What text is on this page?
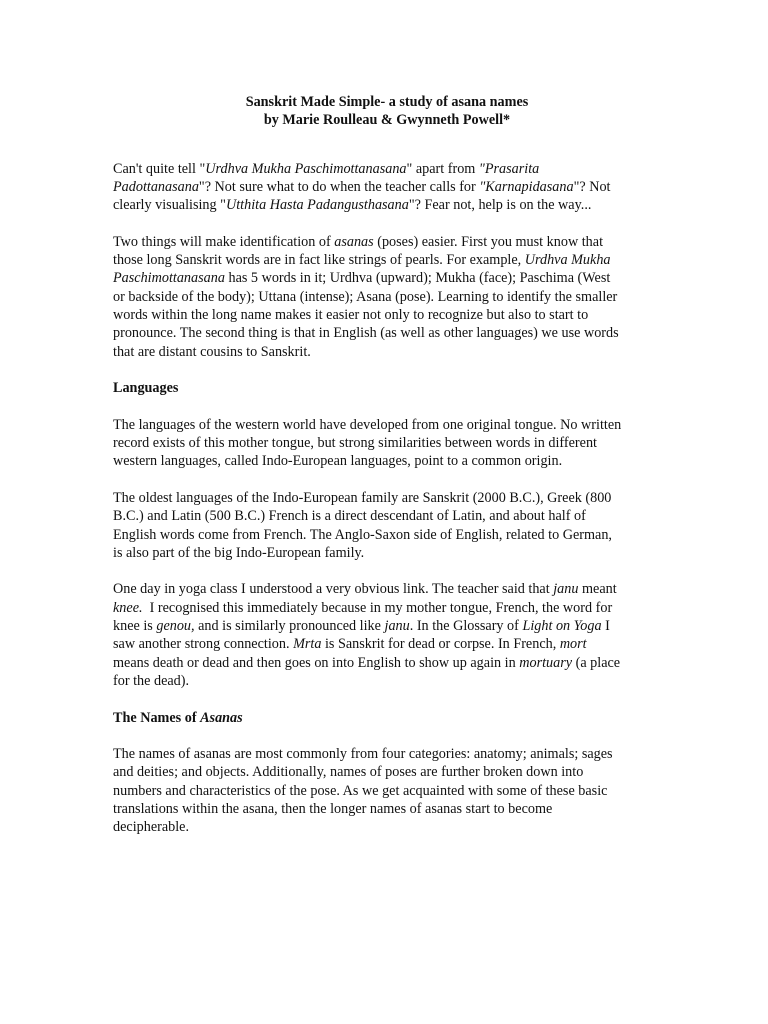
Sanskrit Made Simple- a study of asana names
by Marie Roulleau & Gwynneth Powell*

Can't quite tell "Urdhva Mukha Paschimottanasana" apart from "Prasarita
Padottanasana"? Not sure what to do when the teacher calls for "Karnapidasana"? Not
clearly visualising "Utthita Hasta Padangusthasana"? Fear not, help is on the way...

Two things will make identification of asanas (poses) easier. First you must know that
those long Sanskrit words are in fact like strings of pearls. For example, Urdhva Mukha
Paschimottanasana has 5 words in it; Urdhva (upward); Mukha (face); Paschima (West
or backside of the body); Uttana (intense); Asana (pose). Learning to identify the smaller
words within the long name makes it easier not only to recognize but also to start to
pronounce. The second thing is that in English (as well as other languages) we use words
that are distant cousins to Sanskrit.

Languages

The languages of the western world have developed from one original tongue. No written
record exists of this mother tongue, but strong similarities between words in different
western languages, called Indo-European languages, point to a common origin.

The oldest languages of the Indo-European family are Sanskrit (2000 B.C.), Greek (800
B.C.) and Latin (500 B.C.) French is a direct descendant of Latin, and about half of
English words come from French. The Anglo-Saxon side of English, related to German,
is also part of the big Indo-European family.

One day in yoga class I understood a very obvious link. The teacher said that janu meant
knee.  I recognised this immediately because in my mother tongue, French, the word for
knee is genou, and is similarly pronounced like janu. In the Glossary of Light on Yoga I
saw another strong connection. Mrta is Sanskrit for dead or corpse. In French, mort
means death or dead and then goes on into English to show up again in mortuary (a place
for the dead).

The Names of Asanas

The names of asanas are most commonly from four categories: anatomy; animals; sages
and deities; and objects. Additionally, names of poses are further broken down into
numbers and characteristics of the pose. As we get acquainted with some of these basic
translations within the asana, then the longer names of asanas start to become
decipherable.
